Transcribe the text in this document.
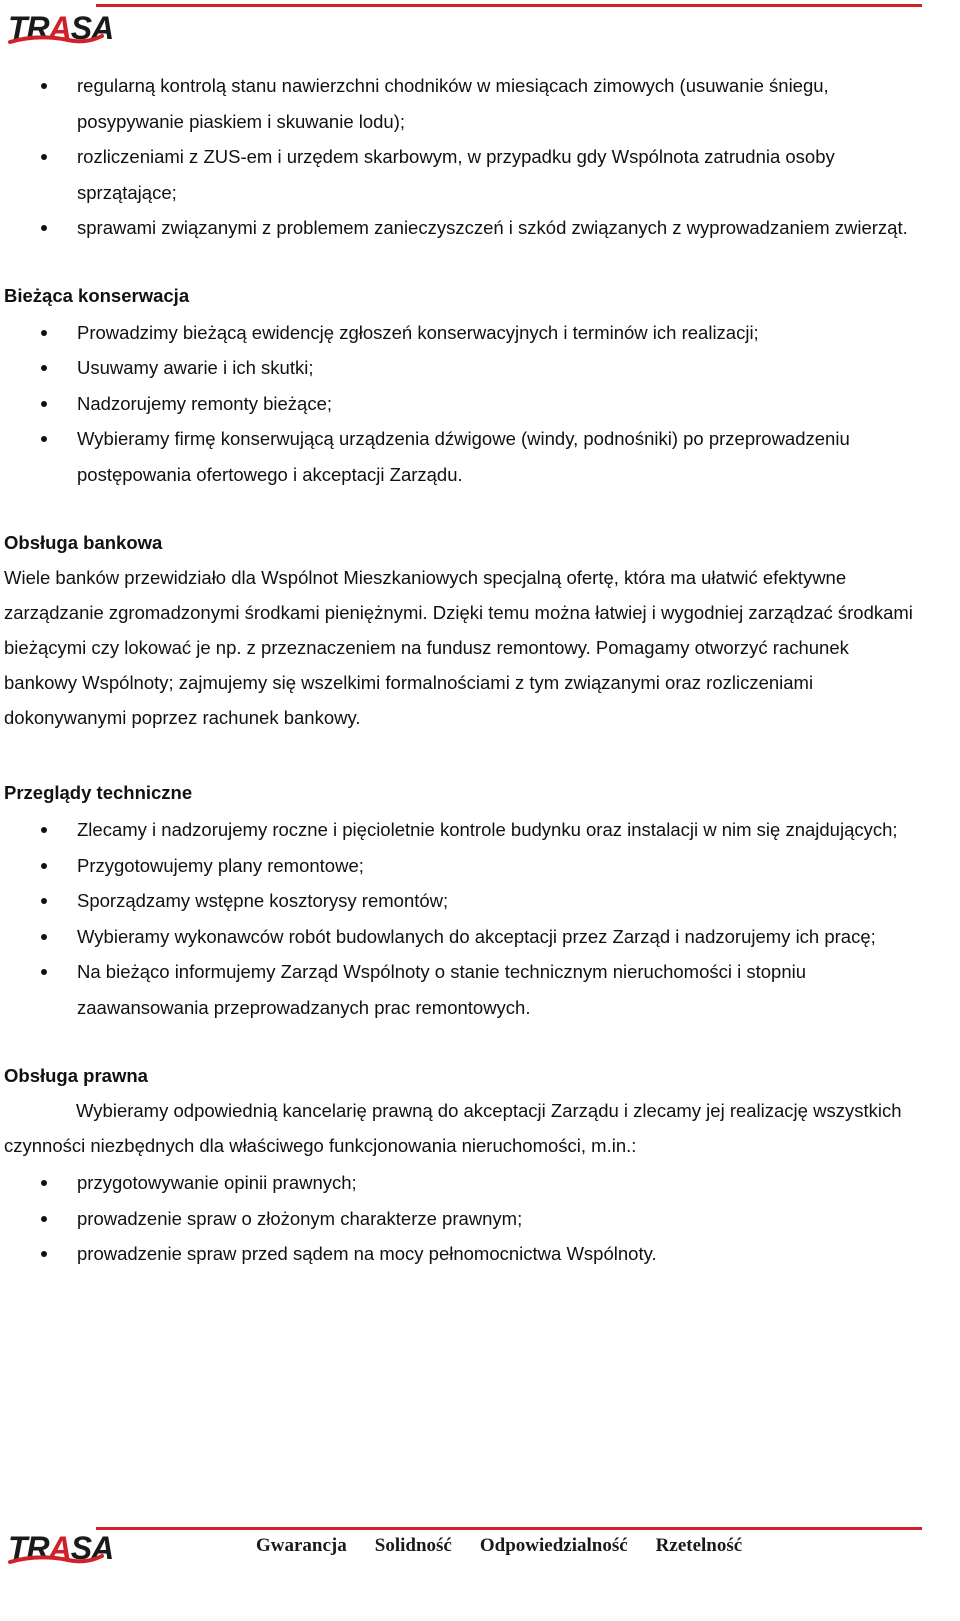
TRASA
regularną kontrolą stanu nawierzchni chodników w miesiącach zimowych (usuwanie śniegu, posypywanie piaskiem i skuwanie lodu);
rozliczeniami z ZUS-em i urzędem skarbowym, w przypadku gdy Wspólnota zatrudnia osoby sprzątające;
sprawami związanymi z problemem zanieczyszczeń i szkód związanych z wyprowadzaniem zwierząt.

Bieżąca konserwacja

Prowadzimy bieżącą ewidencję zgłoszeń konserwacyjnych i terminów ich realizacji;
Usuwamy awarie i ich skutki;
Nadzorujemy remonty bieżące;
Wybieramy firmę konserwującą urządzenia dźwigowe (windy, podnośniki) po przeprowadzeniu postępowania ofertowego i akceptacji Zarządu.

Obsługa bankowa

Wiele banków przewidziało dla Wspólnot Mieszkaniowych specjalną ofertę, która ma ułatwić efektywne zarządzanie zgromadzonymi środkami pieniężnymi. Dzięki temu można łatwiej i wygodniej zarządzać środkami bieżącymi czy lokować je np. z przeznaczeniem na fundusz remontowy. Pomagamy otworzyć rachunek bankowy Wspólnoty; zajmujemy się wszelkimi formalnościami z tym związanymi oraz rozliczeniami dokonywanymi poprzez rachunek bankowy.

Przeglądy techniczne

Zlecamy i nadzorujemy roczne i pięcioletnie kontrole budynku oraz instalacji w nim się znajdujących;
Przygotowujemy plany remontowe;
Sporządzamy wstępne kosztorysy remontów;
Wybieramy wykonawców robót budowlanych do akceptacji przez Zarząd i nadzorujemy ich pracę;
Na bieżąco informujemy Zarząd Wspólnoty o stanie technicznym nieruchomości i stopniu zaawansowania przeprowadzanych prac remontowych.

Obsługa prawna

Wybieramy odpowiednią kancelarię prawną do akceptacji Zarządu i zlecamy jej realizację wszystkich czynności niezbędnych dla właściwego funkcjonowania nieruchomości, m.in.:

przygotowywanie opinii prawnych;
prowadzenie spraw o złożonym charakterze prawnym;
prowadzenie spraw przed sądem na mocy pełnomocnictwa Wspólnoty.
TRASA	Gwarancja Solidność Odpowiedzialność Rzetelność
